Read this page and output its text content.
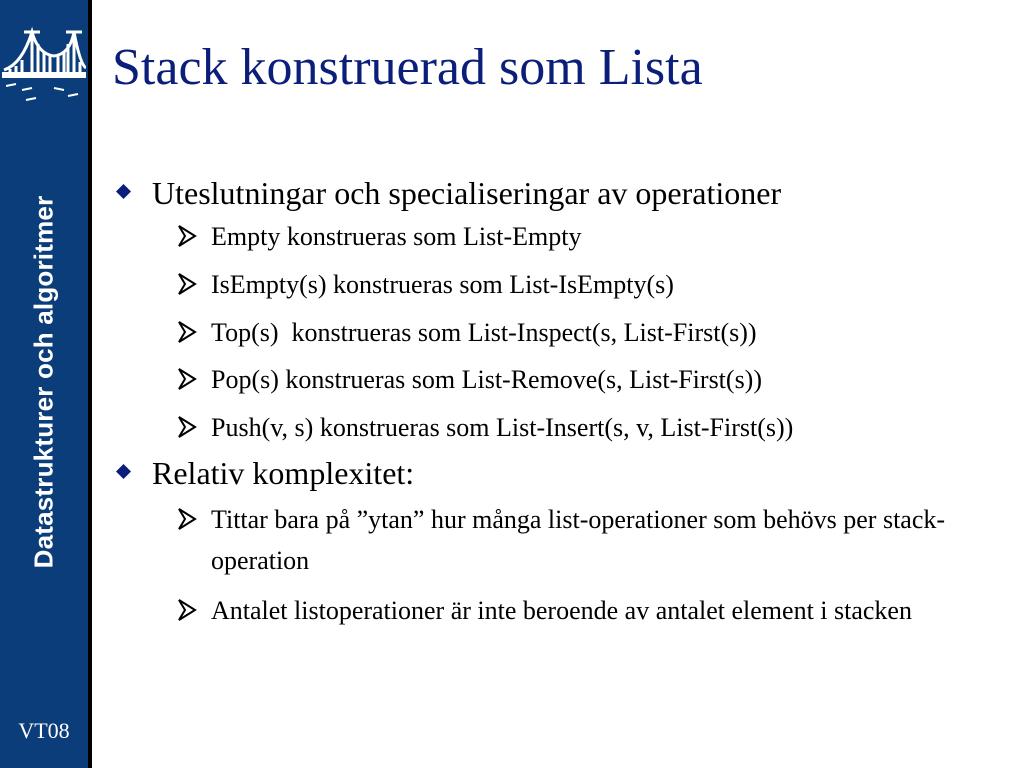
Datastrukturer och algoritmer
VT08
Stack konstruerad som Lista
Uteslutningar och specialiseringar av operationer
Empty konstrueras som List-Empty
IsEmpty(s) konstrueras som List-IsEmpty(s)
Top(s)  konstrueras som List-Inspect(s, List-First(s))
Pop(s) konstrueras som List-Remove(s, List-First(s))
Push(v, s) konstrueras som List-Insert(s, v, List-First(s))
Relativ komplexitet:
Tittar bara på ”ytan” hur många list-operationer som behövs per stack-operation
Antalet listoperationer är inte beroende av antalet element i stacken
